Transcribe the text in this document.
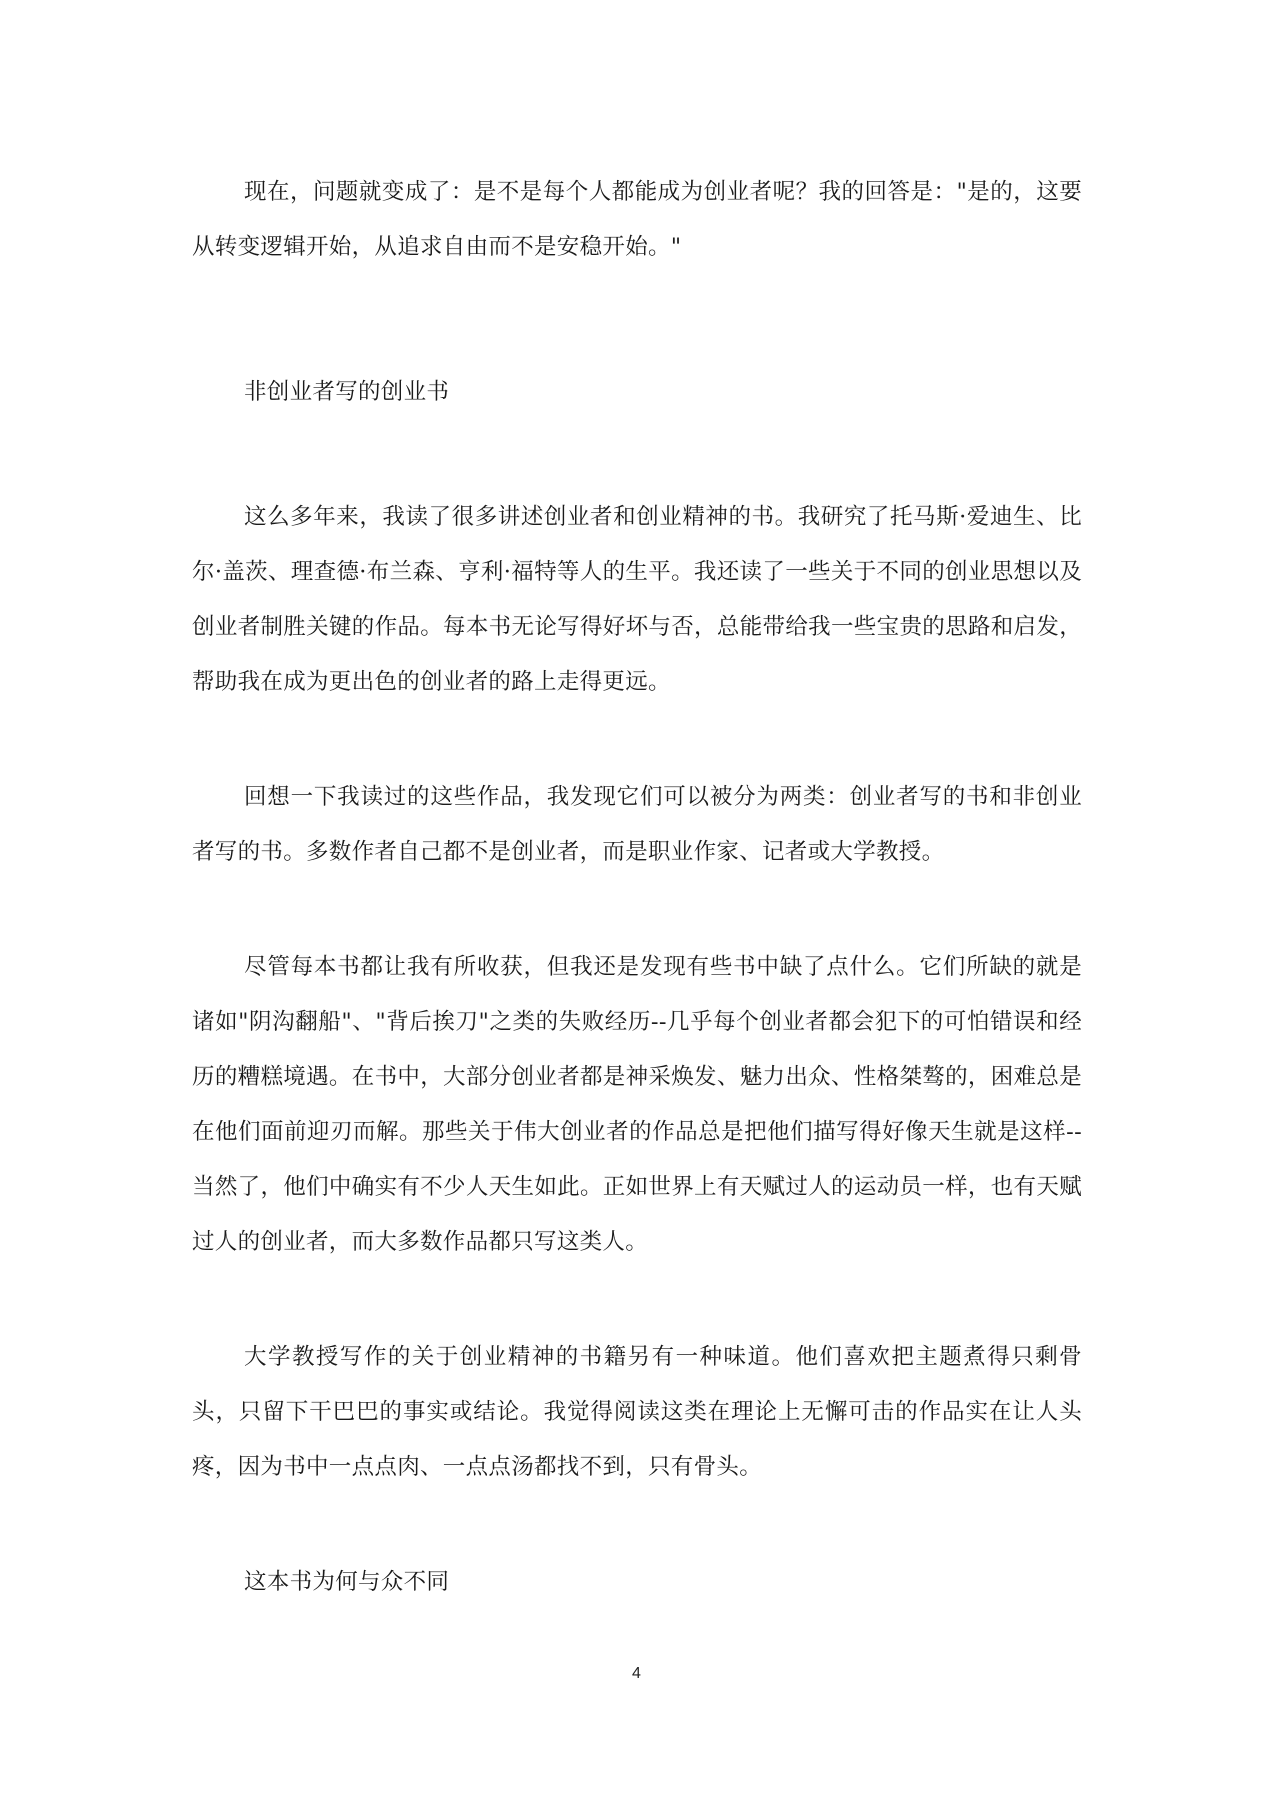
现在，问题就变成了：是不是每个人都能成为创业者呢？我的回答是："是的，这要从转变逻辑开始，从追求自由而不是安稳开始。"

非创业者写的创业书

这么多年来，我读了很多讲述创业者和创业精神的书。我研究了托马斯·爱迪生、比尔·盖茨、理查德·布兰森、亨利·福特等人的生平。我还读了一些关于不同的创业思想以及创业者制胜关键的作品。每本书无论写得好坏与否，总能带给我一些宝贵的思路和启发，帮助我在成为更出色的创业者的路上走得更远。

回想一下我读过的这些作品，我发现它们可以被分为两类：创业者写的书和非创业者写的书。多数作者自己都不是创业者，而是职业作家、记者或大学教授。

尽管每本书都让我有所收获，但我还是发现有些书中缺了点什么。它们所缺的就是诸如"阴沟翻船"、"背后挨刀"之类的失败经历--几乎每个创业者都会犯下的可怕错误和经历的糟糕境遇。在书中，大部分创业者都是神采焕发、魅力出众、性格桀骜的，困难总是在他们面前迎刃而解。那些关于伟大创业者的作品总是把他们描写得好像天生就是这样--当然了，他们中确实有不少人天生如此。正如世界上有天赋过人的运动员一样，也有天赋过人的创业者，而大多数作品都只写这类人。

大学教授写作的关于创业精神的书籍另有一种味道。他们喜欢把主题煮得只剩骨头，只留下干巴巴的事实或结论。我觉得阅读这类在理论上无懈可击的作品实在让人头疼，因为书中一点点肉、一点点汤都找不到，只有骨头。

这本书为何与众不同

4
